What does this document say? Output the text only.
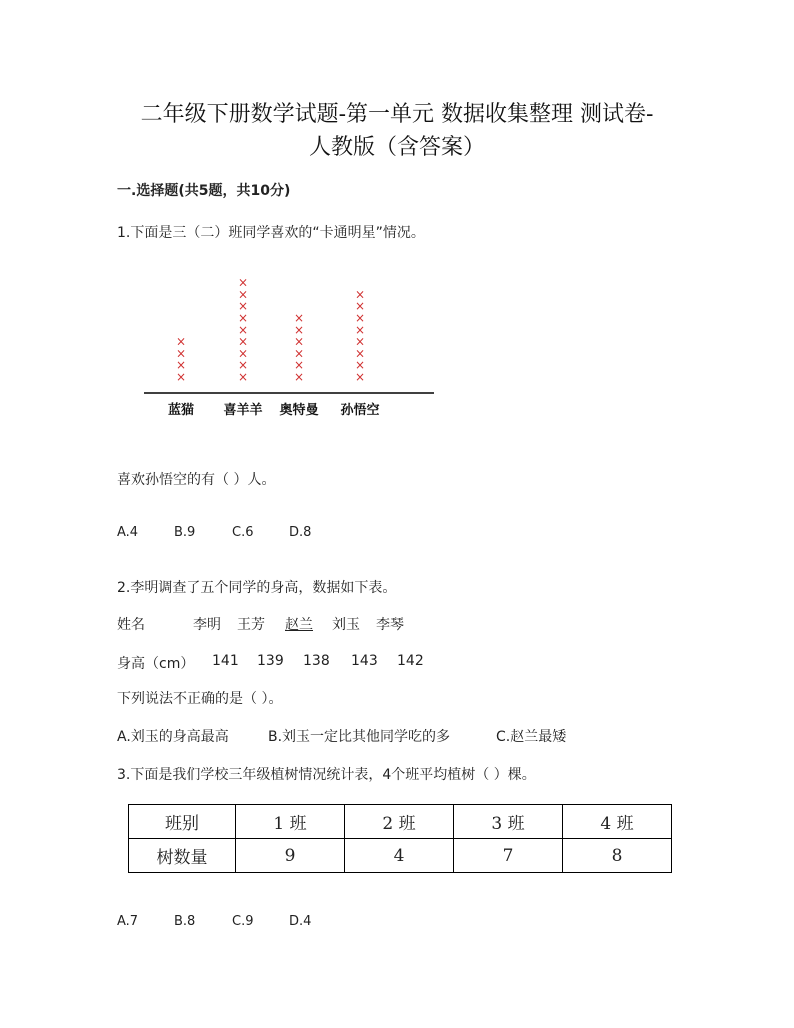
二年级下册数学试题-第一单元 数据收集整理 测试卷-
人教版（含答案）
一.选择题(共5题，共10分)
1.下面是三（二）班同学喜欢的“卡通明星”情况。
×
×
×
×
蓝猫
×
×
×
×
×
×
×
×
×
喜羊羊
×
×
×
×
×
×
奥特曼
×
×
×
×
×
×
×
×
孙悟空
喜欢孙悟空的有（ ）人。
A.4	B.9	C.6	D.8
2.李明调查了五个同学的身高，数据如下表。
姓名	李明 王芳 赵兰 刘玉 李琴
身高（cm） 141 139 138 143 142
下列说法不正确的是（ ）。
A.刘玉的身高最高	B.刘玉一定比其他同学吃的多	C.赵兰最矮
3.下面是我们学校三年级植树情况统计表，4个班平均植树（ ）棵。
班别	1 班	2 班	3 班	4 班
树数量	9	4	7	8
A.7	B.8	C.9	D.4
